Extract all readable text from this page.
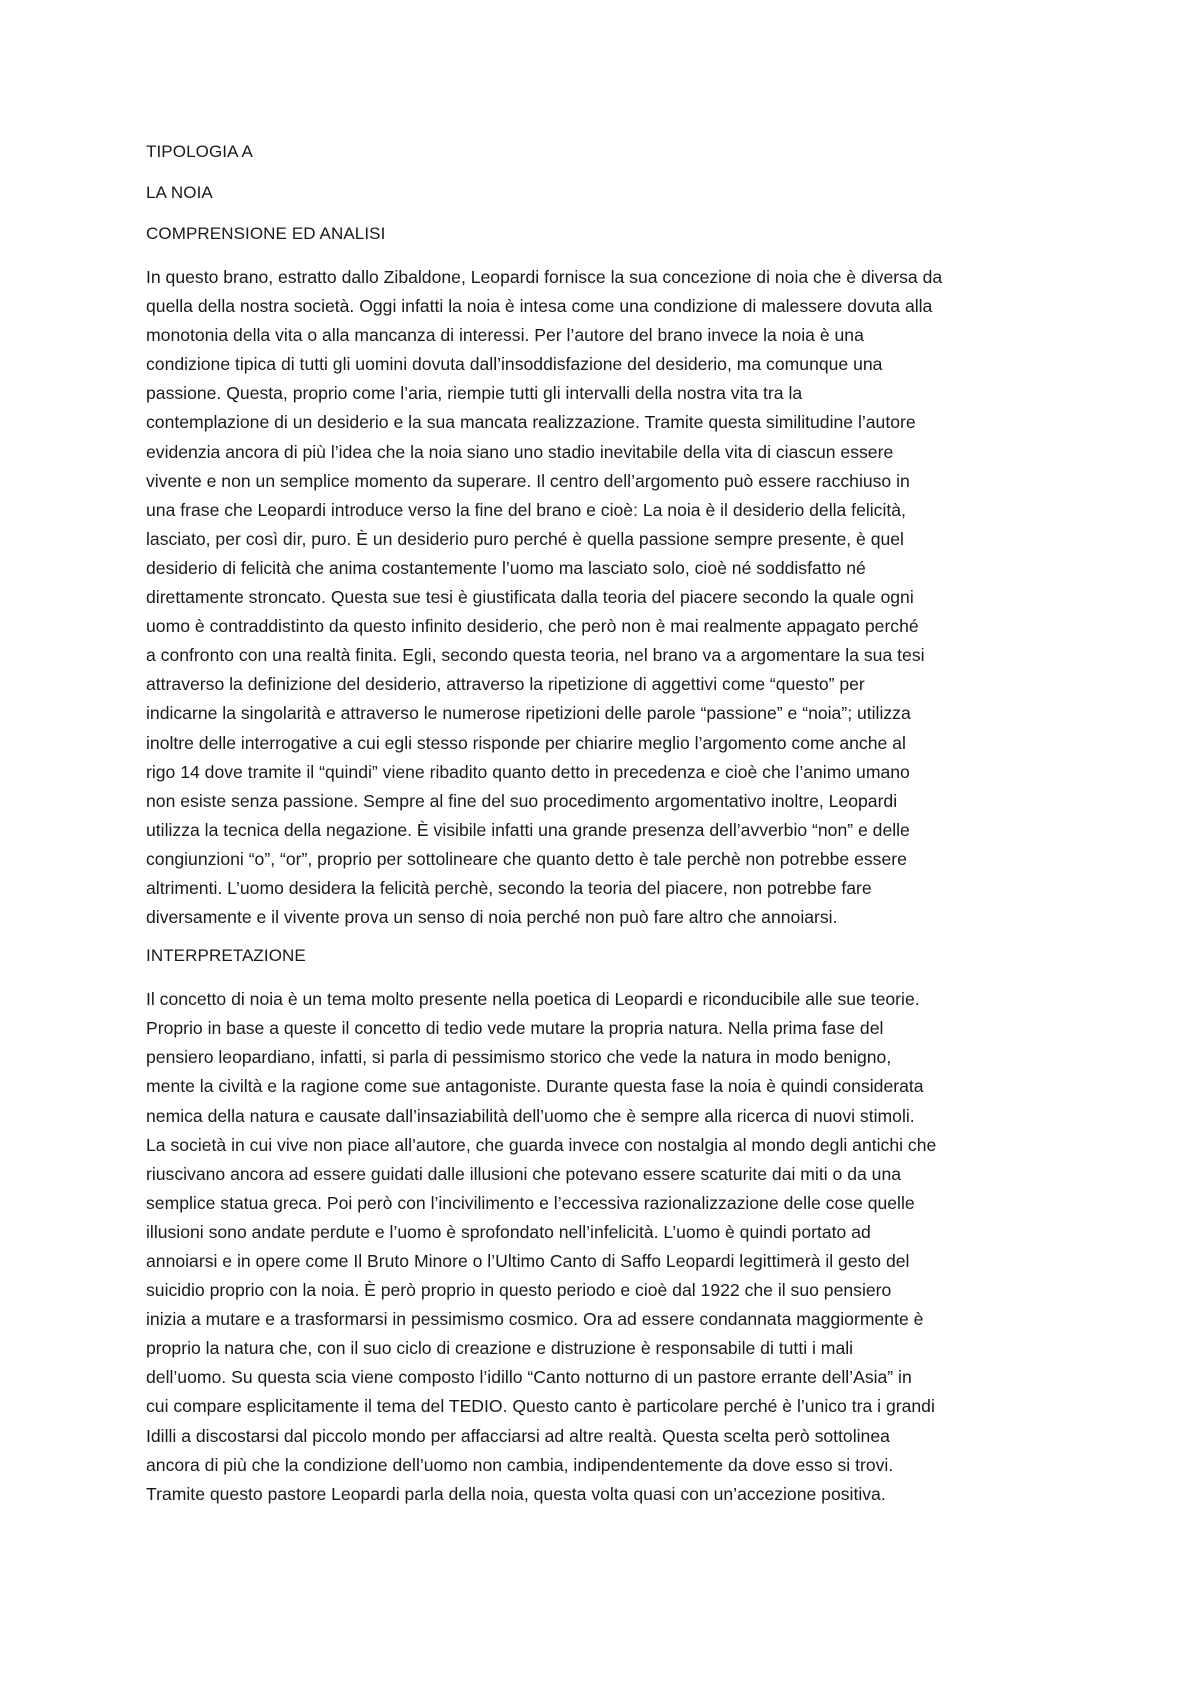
TIPOLOGIA A
LA NOIA
COMPRENSIONE ED ANALISI
In questo brano, estratto dallo Zibaldone, Leopardi fornisce la sua concezione di noia che è diversa da
quella della nostra società. Oggi infatti la noia è intesa come una condizione di malessere dovuta alla
monotonia della vita o alla mancanza di interessi. Per l’autore del brano invece la noia è una
condizione tipica di tutti gli uomini dovuta dall’insoddisfazione del desiderio, ma comunque una
passione. Questa, proprio come l’aria, riempie tutti gli intervalli della nostra vita tra la
contemplazione di un desiderio e la sua mancata realizzazione. Tramite questa similitudine l’autore
evidenzia ancora di più l’idea che la noia siano uno stadio inevitabile della vita di ciascun essere
vivente e non un semplice momento da superare. Il centro dell’argomento può essere racchiuso in
una frase che Leopardi introduce verso la fine del brano e cioè: La noia è il desiderio della felicità,
lasciato, per così dir, puro. È un desiderio puro perché è quella passione sempre presente, è quel
desiderio di felicità che anima costantemente l’uomo ma lasciato solo, cioè né soddisfatto né
direttamente stroncato. Questa sue tesi è giustificata dalla teoria del piacere secondo la quale ogni
uomo è contraddistinto da questo infinito desiderio, che però non è mai realmente appagato perché
a confronto con una realtà finita. Egli, secondo questa teoria, nel brano va a argomentare la sua tesi
attraverso la definizione del desiderio, attraverso la ripetizione di aggettivi come “questo” per
indicarne la singolarità e attraverso le numerose ripetizioni delle parole “passione” e “noia”; utilizza
inoltre delle interrogative a cui egli stesso risponde per chiarire meglio l’argomento come anche al
rigo 14 dove tramite il “quindi” viene ribadito quanto detto in precedenza e cioè che l’animo umano
non esiste senza passione. Sempre al fine del suo procedimento argomentativo inoltre, Leopardi
utilizza la tecnica della negazione. È visibile infatti una grande presenza dell’avverbio “non” e delle
congiunzioni “o”, “or”, proprio per sottolineare che quanto detto è tale perchè non potrebbe essere
altrimenti. L’uomo desidera la felicità perchè, secondo la teoria del piacere, non potrebbe fare
diversamente e il vivente prova un senso di noia perché non può fare altro che annoiarsi.
INTERPRETAZIONE
Il concetto di noia è un tema molto presente nella poetica di Leopardi e riconducibile alle sue teorie.
Proprio in base a queste il concetto di tedio vede mutare la propria natura. Nella prima fase del
pensiero leopardiano, infatti, si parla di pessimismo storico che vede la natura in modo benigno,
mente la civiltà e la ragione come sue antagoniste. Durante questa fase la noia è quindi considerata
nemica della natura e causate dall’insaziabilità dell’uomo che è sempre alla ricerca di nuovi stimoli.
La società in cui vive non piace all’autore, che guarda invece con nostalgia al mondo degli antichi che
riuscivano ancora ad essere guidati dalle illusioni che potevano essere scaturite dai miti o da una
semplice statua greca. Poi però con l’incivilimento e l’eccessiva razionalizzazione delle cose quelle
illusioni sono andate perdute e l’uomo è sprofondato nell’infelicità. L’uomo è quindi portato ad
annoiarsi e in opere come Il Bruto Minore o l’Ultimo Canto di Saffo Leopardi legittimerà il gesto del
suicidio proprio con la noia. È però proprio in questo periodo e cioè dal 1922 che il suo pensiero
inizia a mutare e a trasformarsi in pessimismo cosmico. Ora ad essere condannata maggiormente è
proprio la natura che, con il suo ciclo di creazione e distruzione è responsabile di tutti i mali
dell’uomo. Su questa scia viene composto l’idillo “Canto notturno di un pastore errante dell’Asia” in
cui compare esplicitamente il tema del TEDIO. Questo canto è particolare perché è l’unico tra i grandi
Idilli a discostarsi dal piccolo mondo per affacciarsi ad altre realtà. Questa scelta però sottolinea
ancora di più che la condizione dell’uomo non cambia, indipendentemente da dove esso si trovi.
Tramite questo pastore Leopardi parla della noia, questa volta quasi con un’accezione positiva.
